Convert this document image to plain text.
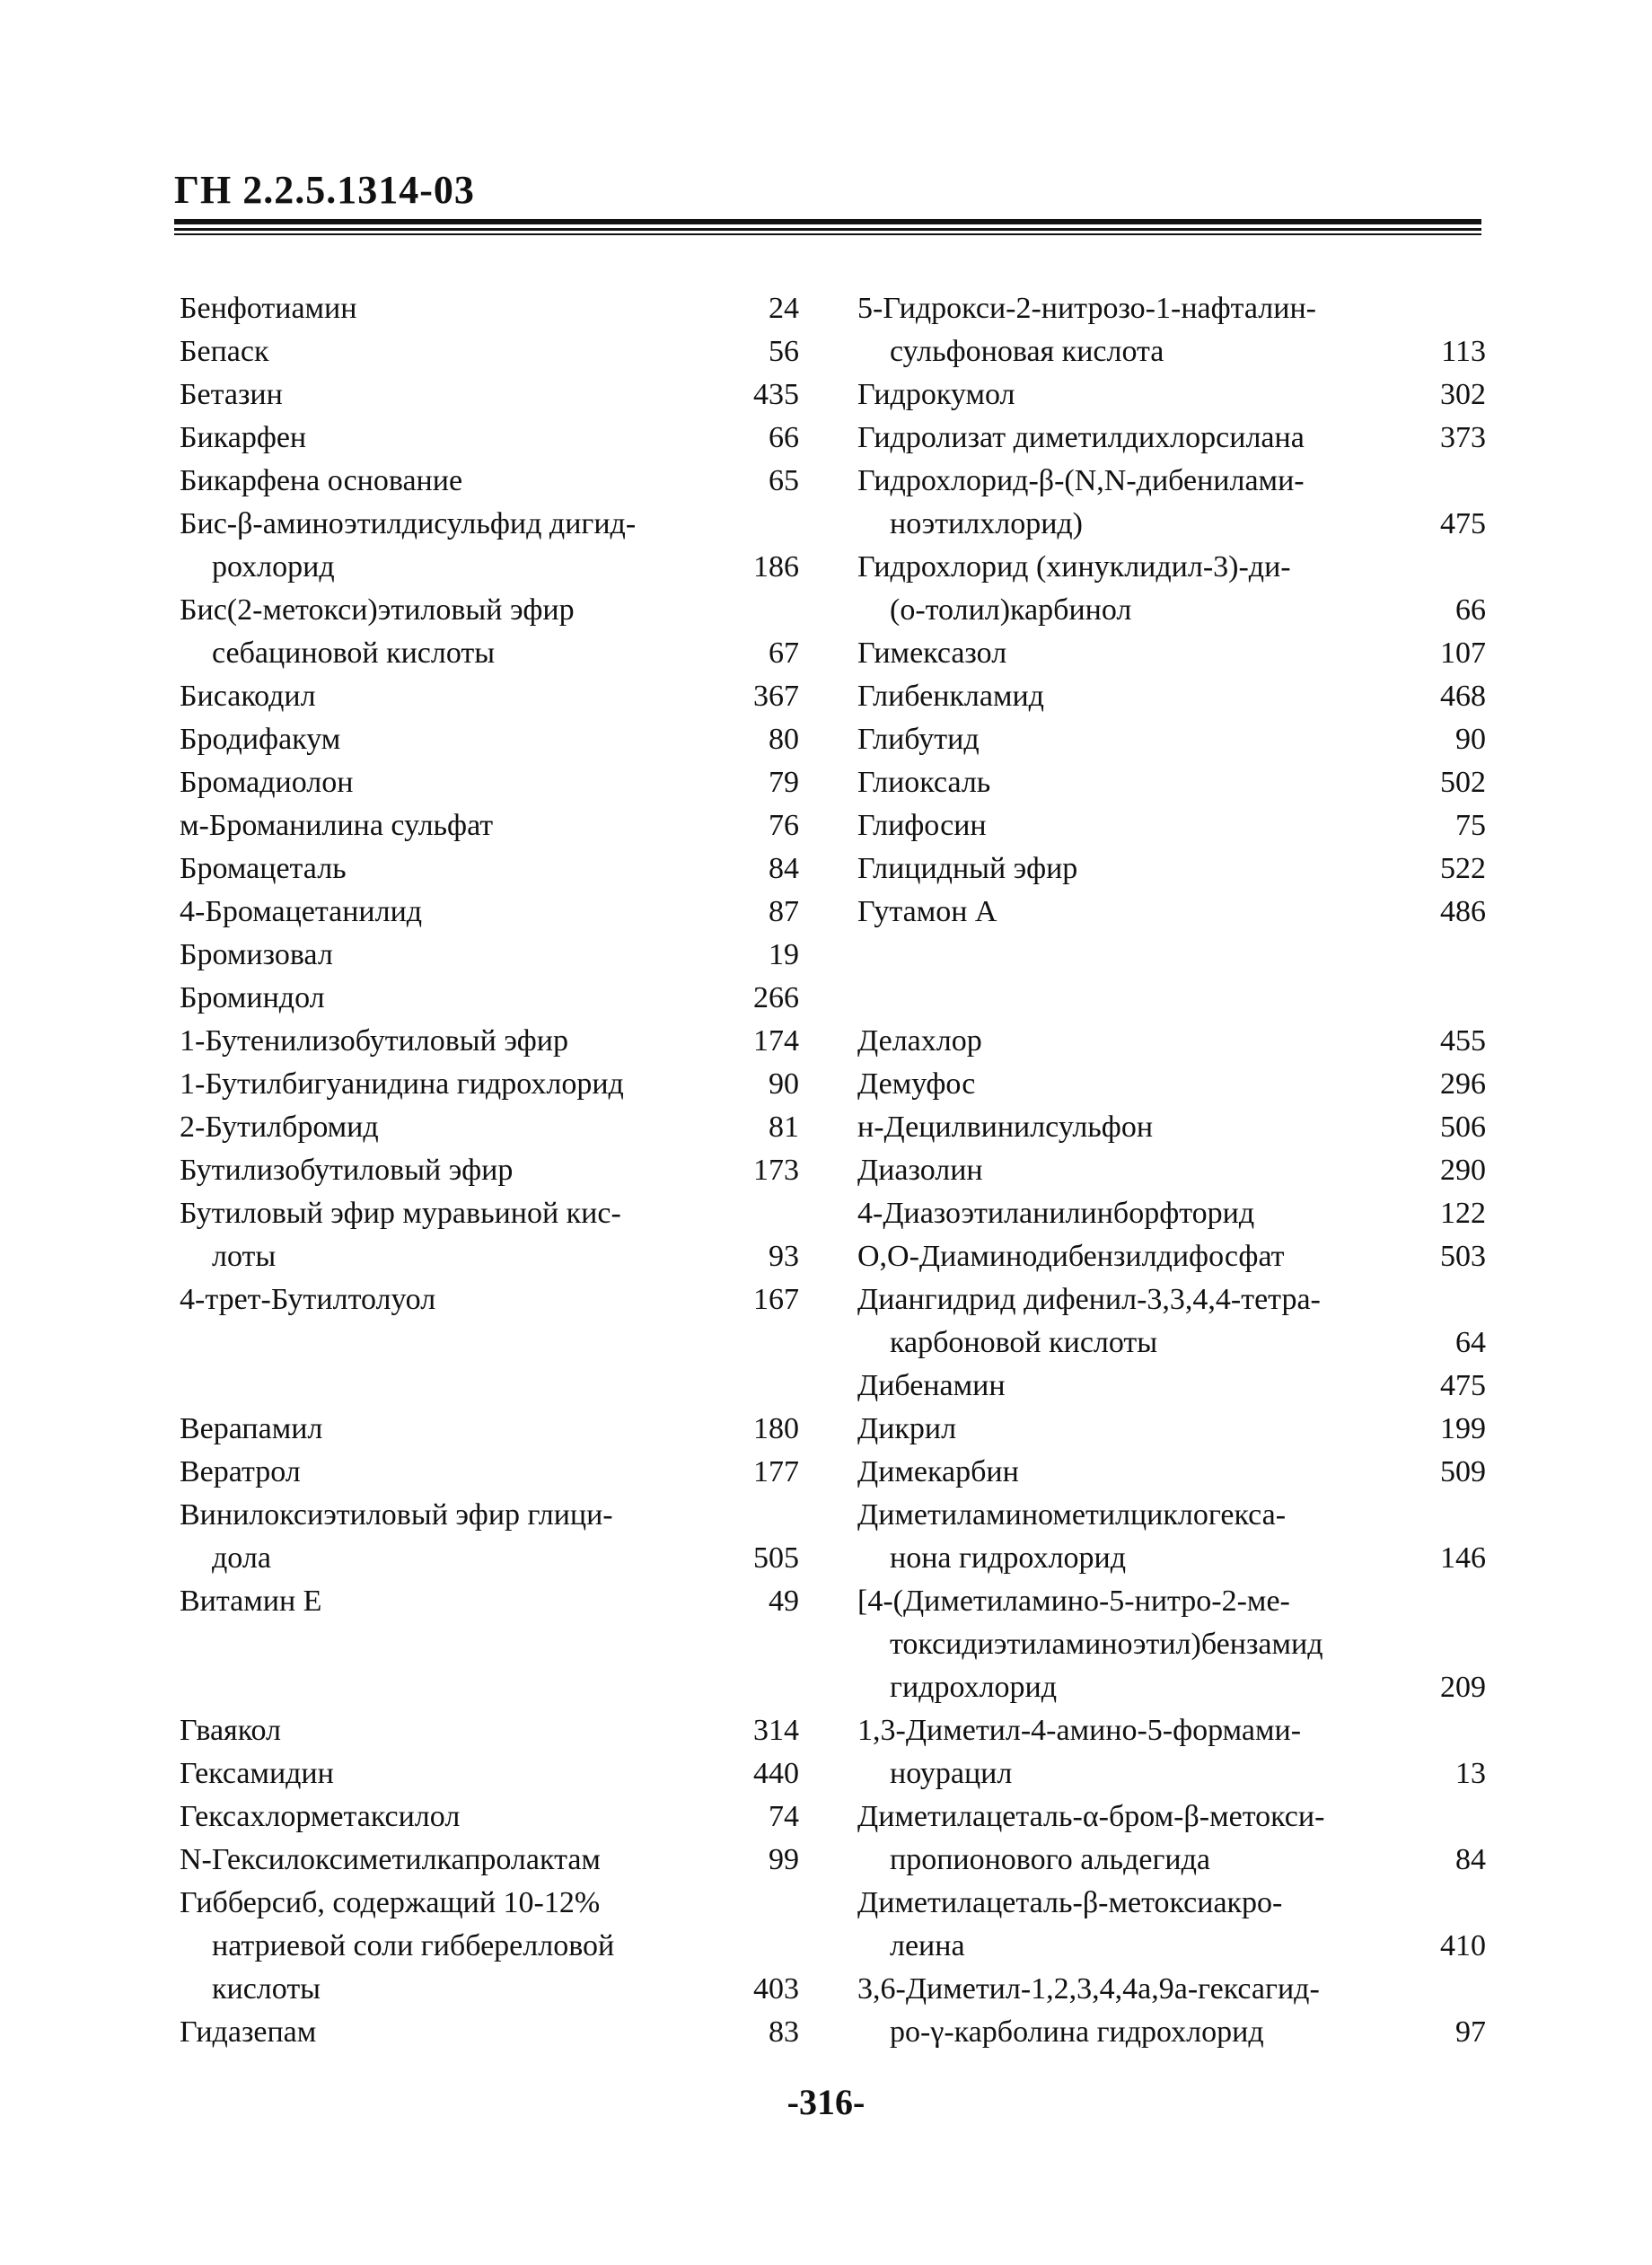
ГН 2.2.5.1314-03
Бенфотиамин	24
Бепаск	56
Бетазин	435
Бикарфен	66
Бикарфена основание	65
Бис-β-аминоэтилдисульфид дигид-
рохлорид	186
Бис(2-метокси)этиловый эфир
себациновой кислоты	67
Бисакодил	367
Бродифакум	80
Бромадиолон	79
м-Броманилина сульфат	76
Бромацеталь	84
4-Бромацетанилид	87
Бромизовал	19
Броминдол	266
1-Бутенилизобутиловый эфир	174
1-Бутилбигуанидина гидрохлорид	90
2-Бутилбромид	81
Бутилизобутиловый эфир	173
Бутиловый эфир муравьиной кис-
лоты	93
4-трет-Бутилтолуол	167
Верапамил	180
Вератрол	177
Винилоксиэтиловый эфир глици-
дола	505
Витамин Е	49
Гваякол	314
Гексамидин	440
Гексахлорметаксилол	74
N-Гексилоксиметилкапролактам	99
Гибберсиб, содержащий 10-12%
натриевой соли гибберелловой
кислоты	403
Гидазепам	83
5-Гидрокси-2-нитрозо-1-нафталин-
сульфоновая кислота	113
Гидрокумол	302
Гидролизат диметилдихлорсилана	373
Гидрохлорид-β-(N,N-дибенилами-
ноэтилхлорид)	475
Гидрохлорид (хинуклидил-3)-ди-
(о-толил)карбинол	66
Гимексазол	107
Глибенкламид	468
Глибутид	90
Глиоксаль	502
Глифосин	75
Глицидный эфир	522
Гутамон А	486
Делахлор	455
Демуфос	296
н-Децилвинилсульфон	506
Диазолин	290
4-Диазоэтиланилинборфторид	122
О,О-Диаминодибензилдифосфат	503
Диангидрид дифенил-3,3,4,4-тетра-
карбоновой кислоты	64
Дибенамин	475
Дикрил	199
Димекарбин	509
Диметиламинометилциклогекса-
нона гидрохлорид	146
[4-(Диметиламино-5-нитро-2-ме-
токсидиэтиламиноэтил)бензамид
гидрохлорид	209
1,3-Диметил-4-амино-5-формами-
ноурацил	13
Диметилацеталь-α-бром-β-метокси-
пропионового альдегида	84
Диметилацеталь-β-метоксиакро-
леина	410
3,6-Диметил-1,2,3,4,4а,9а-гексагид-
ро-γ-карболина гидрохлорид	97
-316-
